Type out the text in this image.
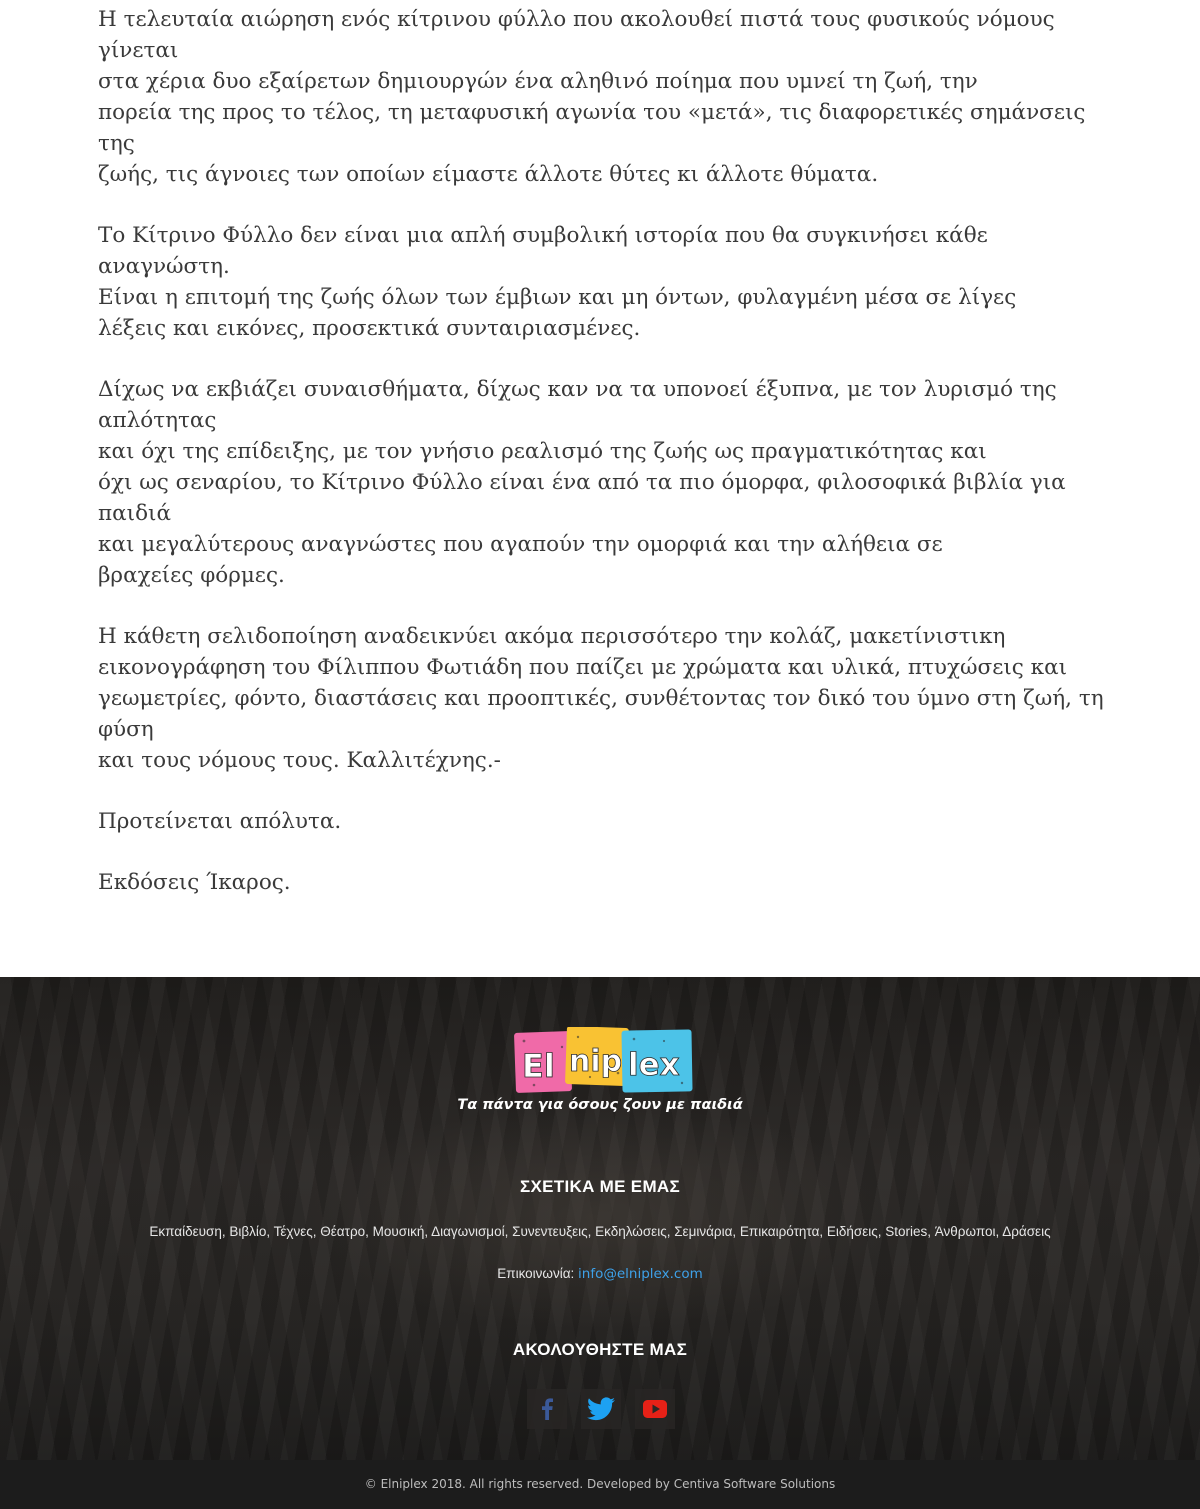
Η τελευταία αιώρηση ενός κίτρινου φύλλο που ακολουθεί πιστά τους φυσικούς νόμους γίνεται
στα χέρια δυο εξαίρετων δημιουργών ένα αληθινό ποίημα που υμνεί τη ζωή, την
πορεία της προς το τέλος, τη μεταφυσική αγωνία του «μετά», τις διαφορετικές σημάνσεις της
ζωής, τις άγνοιες των οποίων είμαστε άλλοτε θύτες κι άλλοτε θύματα.

Το Κίτρινο Φύλλο δεν είναι μια απλή συμβολική ιστορία που θα συγκινήσει κάθε αναγνώστη.
Είναι η επιτομή της ζωής όλων των έμβιων και μη όντων, φυλαγμένη μέσα σε λίγες
λέξεις και εικόνες, προσεκτικά συνταιριασμένες.

Δίχως να εκβιάζει συναισθήματα, δίχως καν να τα υπονοεί έξυπνα, με τον λυρισμό της απλότητας
και όχι της επίδειξης, με τον γνήσιο ρεαλισμό της ζωής ως πραγματικότητας και
όχι ως σεναρίου, το Κίτρινο Φύλλο είναι ένα από τα πιο όμορφα, φιλοσοφικά βιβλία για παιδιά
και μεγαλύτερους αναγνώστες που αγαπούν την ομορφιά και την αλήθεια σε
βραχείες φόρμες.

Η κάθετη σελιδοποίηση αναδεικνύει ακόμα περισσότερο την κολάζ, μακετίνιστικη
εικονογράφηση του Φίλιππου Φωτιάδη που παίζει με χρώματα και υλικά, πτυχώσεις και
γεωμετρίες, φόντο, διαστάσεις και προοπτικές, συνθέτοντας τον δικό του ύμνο στη ζωή, τη φύση
και τους νόμους τους. Καλλιτέχνης.-

Προτείνεται απόλυτα.

Εκδόσεις Ίκαρος.

El nip lex
Τα πάντα για όσους ζουν με παιδιά
ΣΧΕΤΙΚΑ ΜΕ ΕΜΑΣ
Εκπαίδευση, Βιβλίο, Τέχνες, Θέατρο, Μουσική, Διαγωνισμοί, Συνεντευξεις, Εκδηλώσεις, Σεμινάρια, Επικαιρότητα, Ειδήσεις, Stories, Άνθρωποι, Δράσεις
Επικοινωνία: info@elniplex.com
ΑΚΟΛΟΥΘΗΣΤΕ ΜΑΣ
© Elniplex 2018. All rights reserved. Developed by Centiva Software Solutions
